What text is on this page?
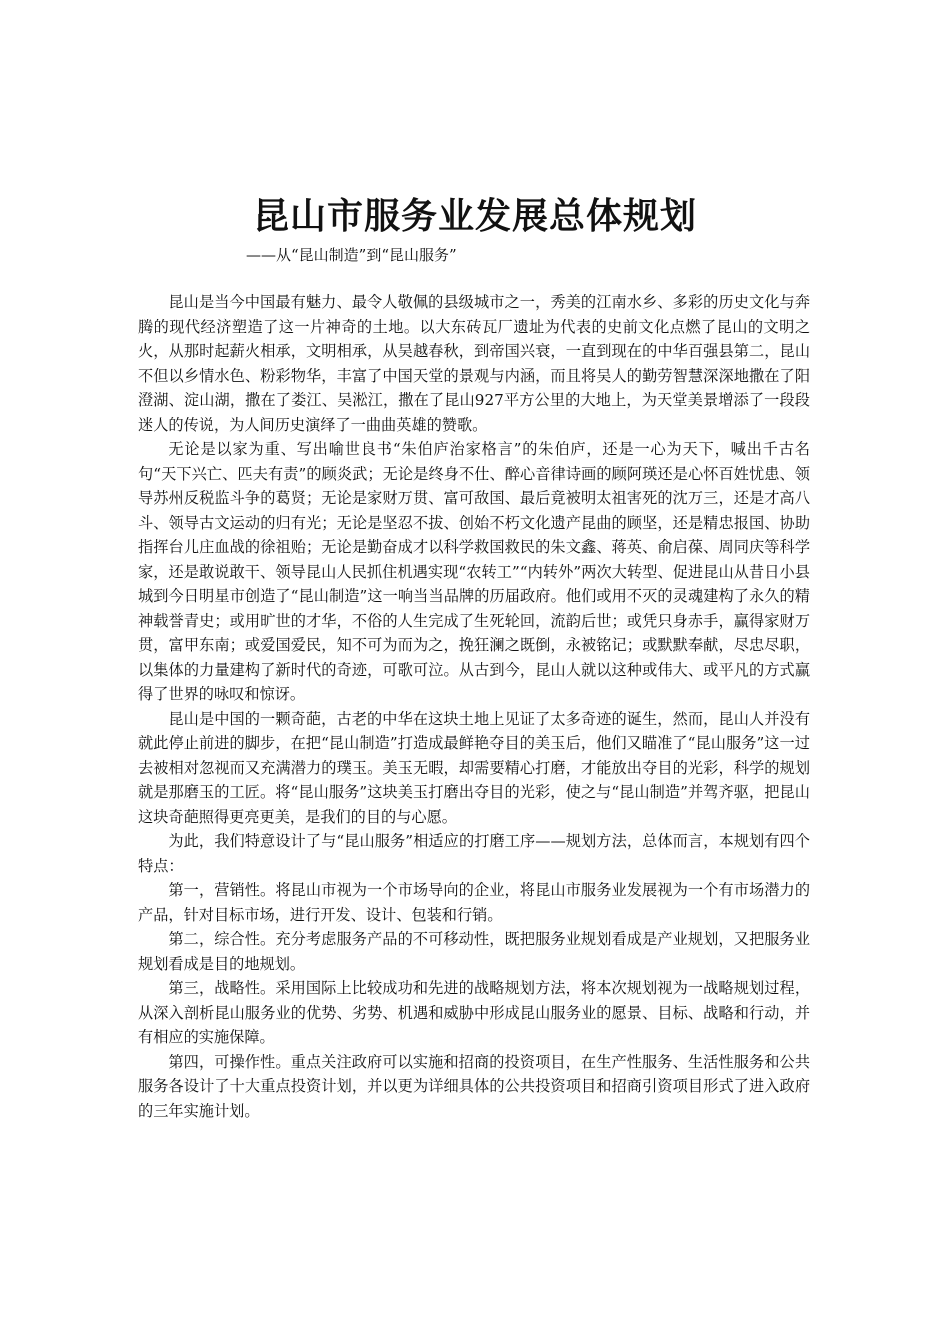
昆山市服务业发展总体规划

——从“昆山制造”到“昆山服务”

昆山是当今中国最有魅力、最令人敬佩的县级城市之一，秀美的江南水乡、多彩的历史文化与奔腾的现代经济塑造了这一片神奇的土地。以大东砖瓦厂遗址为代表的史前文化点燃了昆山的文明之火，从那时起薪火相承，文明相承，从吴越春秋，到帝国兴衰，一直到现在的中华百强县第二，昆山不但以乡情水色、粉彩物华，丰富了中国天堂的景观与内涵，而且将吴人的勤劳智慧深深地撒在了阳澄湖、淀山湖，撒在了娄江、吴淞江，撒在了昆山927平方公里的大地上，为天堂美景增添了一段段迷人的传说，为人间历史演绎了一曲曲英雄的赞歌。

无论是以家为重、写出喻世良书“朱伯庐治家格言”的朱伯庐，还是一心为天下，喊出千古名句“天下兴亡、匹夫有责”的顾炎武；无论是终身不仕、醉心音律诗画的顾阿瑛还是心怀百姓忧患、领导苏州反税监斗争的葛贤；无论是家财万贯、富可敌国、最后竟被明太祖害死的沈万三，还是才高八斗、领导古文运动的归有光；无论是坚忍不拔、创始不朽文化遗产昆曲的顾坚，还是精忠报国、协助指挥台儿庄血战的徐祖贻；无论是勤奋成才以科学救国救民的朱文鑫、蒋英、俞启葆、周同庆等科学家，还是敢说敢干、领导昆山人民抓住机遇实现“农转工”“内转外”两次大转型、促进昆山从昔日小县城到今日明星市创造了“昆山制造”这一响当当品牌的历届政府。他们或用不灭的灵魂建构了永久的精神载誉青史；或用旷世的才华，不俗的人生完成了生死轮回，流韵后世；或凭只身赤手，赢得家财万贯，富甲东南；或爱国爱民，知不可为而为之，挽狂澜之既倒，永被铭记；或默默奉献，尽忠尽职，以集体的力量建构了新时代的奇迹，可歌可泣。从古到今，昆山人就以这种或伟大、或平凡的方式赢得了世界的咏叹和惊讶。

昆山是中国的一颗奇葩，古老的中华在这块土地上见证了太多奇迹的诞生，然而，昆山人并没有就此停止前进的脚步，在把“昆山制造”打造成最鲜艳夺目的美玉后，他们又瞄准了“昆山服务”这一过去被相对忽视而又充满潜力的璞玉。美玉无暇，却需要精心打磨，才能放出夺目的光彩，科学的规划就是那磨玉的工匠。将“昆山服务”这块美玉打磨出夺目的光彩，使之与“昆山制造”并驾齐驱，把昆山这块奇葩照得更亮更美，是我们的目的与心愿。

为此，我们特意设计了与“昆山服务”相适应的打磨工序——规划方法，总体而言，本规划有四个特点：

第一，营销性。将昆山市视为一个市场导向的企业，将昆山市服务业发展视为一个有市场潜力的产品，针对目标市场，进行开发、设计、包装和行销。

第二，综合性。充分考虑服务产品的不可移动性，既把服务业规划看成是产业规划，又把服务业规划看成是目的地规划。

第三，战略性。采用国际上比较成功和先进的战略规划方法，将本次规划视为一战略规划过程，从深入剖析昆山服务业的优势、劣势、机遇和威胁中形成昆山服务业的愿景、目标、战略和行动，并有相应的实施保障。

第四，可操作性。重点关注政府可以实施和招商的投资项目，在生产性服务、生活性服务和公共服务各设计了十大重点投资计划，并以更为详细具体的公共投资项目和招商引资项目形式了进入政府的三年实施计划。
